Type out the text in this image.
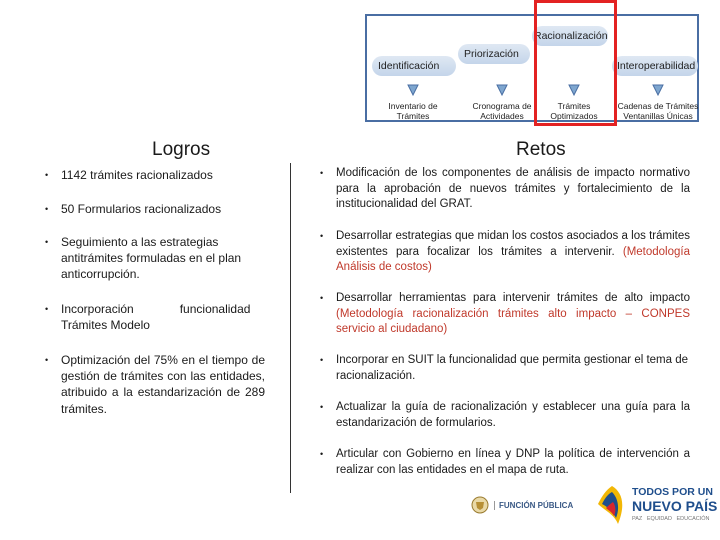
Racionalización
Priorización
Identificación	Interoperabilidad
Inventario de
Trámites
Cronograma de
Actividades
Trámites
Optimizados
Cadenas de Trámites
Ventanillas Únicas
Logros	Retos
•	1142 trámites racionalizados
•	50 Formularios racionalizados
•	Seguimiento a las estrategias antitrámites formuladas en el plan anticorrupción.
•	Incorporación	funcionalidad
Trámites Modelo
•	Optimización del 75% en el tiempo de gestión de trámites con las entidades, atribuido a la estandarización de 289 trámites.
•	Modificación de los componentes de análisis de impacto normativo para la aprobación de nuevos trámites y fortalecimiento de la institucionalidad del GRAT.
•	Desarrollar estrategias que midan los costos asociados a los trámites existentes para focalizar los trámites a intervenir. (Metodología Análisis de costos)
•	Desarrollar herramientas para intervenir trámites de alto impacto (Metodología racionalización trámites alto impacto – CONPES servicio al ciudadano)
•	Incorporar en SUIT la funcionalidad que permita gestionar el tema de racionalización.
•	Actualizar la guía de racionalización y establecer una guía para la estandarización de formularios.
•	Articular con Gobierno en línea y DNP la política de intervención a realizar con las entidades en el mapa de ruta.
FUNCIÓN PÚBLICA
TODOS POR UN
NUEVO PAÍS
PAZ   EQUIDAD   EDUCACIÓN
